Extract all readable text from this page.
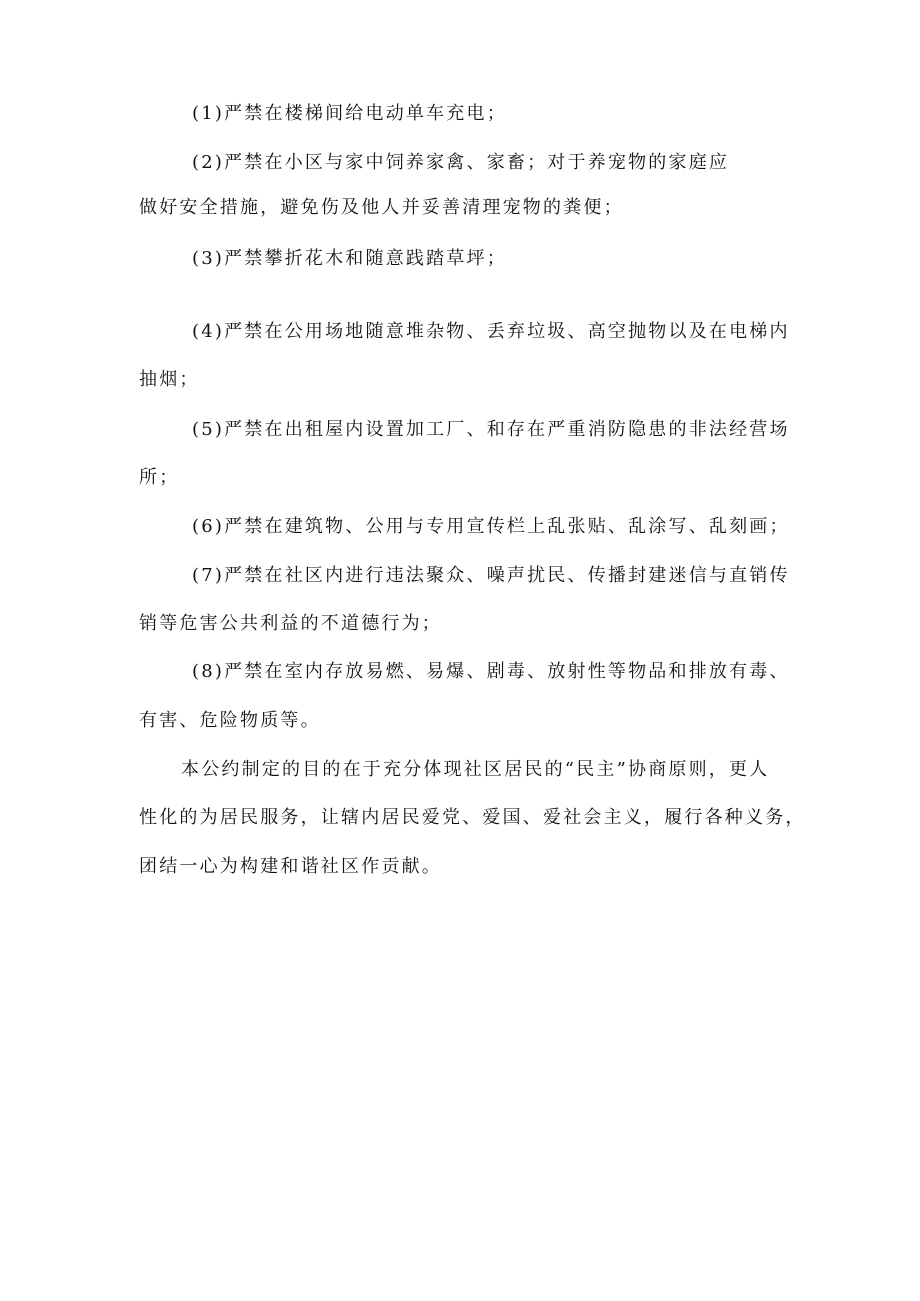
(1)严禁在楼梯间给电动单车充电；
(2)严禁在小区与家中饲养家禽、家畜；对于养宠物的家庭应
做好安全措施，避免伤及他人并妥善清理宠物的粪便；
(3)严禁攀折花木和随意践踏草坪；
(4)严禁在公用场地随意堆杂物、丢弃垃圾、高空抛物以及在电梯内
抽烟；
(5)严禁在出租屋内设置加工厂、和存在严重消防隐患的非法经营场
所；
(6)严禁在建筑物、公用与专用宣传栏上乱张贴、乱涂写、乱刻画；
(7)严禁在社区内进行违法聚众、噪声扰民、传播封建迷信与直销传
销等危害公共利益的不道德行为；
(8)严禁在室内存放易燃、易爆、剧毒、放射性等物品和排放有毒、
有害、危险物质等。
本公约制定的目的在于充分体现社区居民的“民主”协商原则，更人
性化的为居民服务，让辖内居民爱党、爱国、爱社会主义，履行各种义务，
团结一心为构建和谐社区作贡献。
